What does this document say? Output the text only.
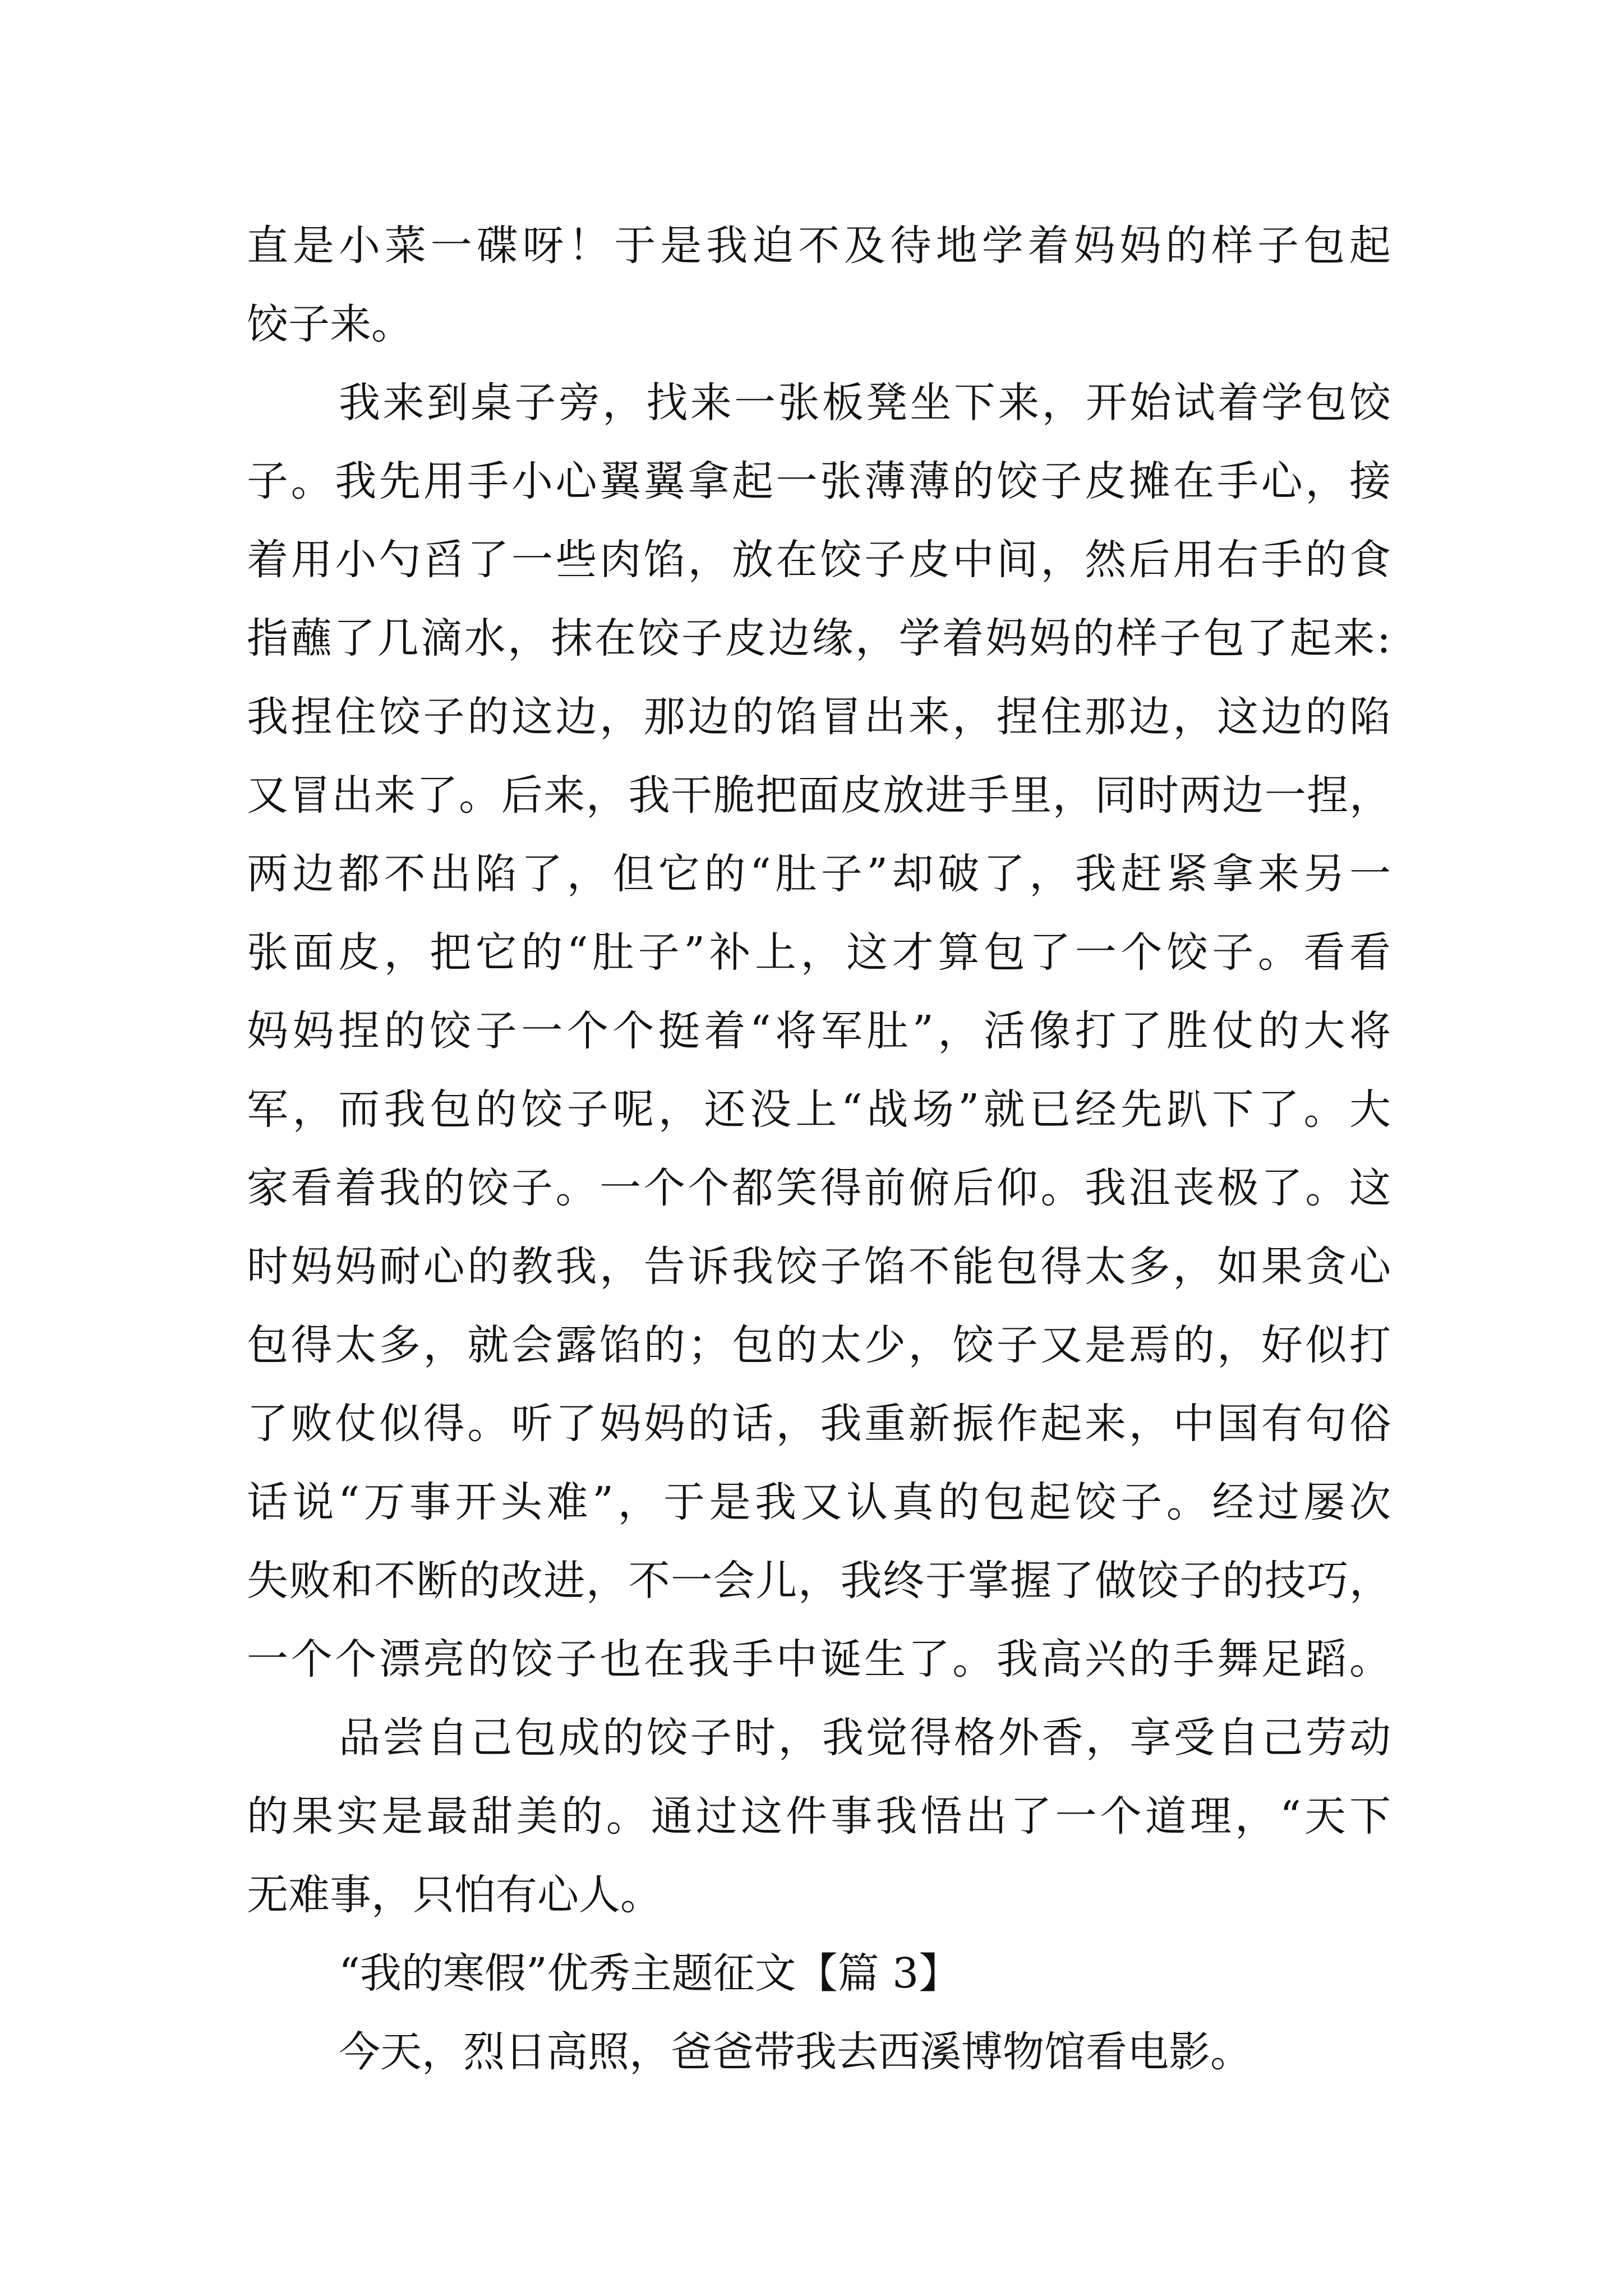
直是小菜一碟呀！于是我迫不及待地学着妈妈的样子包起
饺子来。
我来到桌子旁，找来一张板凳坐下来，开始试着学包饺
子。我先用手小心翼翼拿起一张薄薄的饺子皮摊在手心，接
着用小勺舀了一些肉馅，放在饺子皮中间，然后用右手的食
指蘸了几滴水，抹在饺子皮边缘，学着妈妈的样子包了起来:
我捏住饺子的这边，那边的馅冒出来，捏住那边，这边的陷
又冒出来了。后来，我干脆把面皮放进手里，同时两边一捏，
两边都不出陷了，但它的“肚子”却破了，我赶紧拿来另一
张面皮，把它的“肚子”补上，这才算包了一个饺子。看看
妈妈捏的饺子一个个挺着“将军肚”，活像打了胜仗的大将
军，而我包的饺子呢，还没上“战场”就已经先趴下了。大
家看着我的饺子。一个个都笑得前俯后仰。我沮丧极了。这
时妈妈耐心的教我，告诉我饺子馅不能包得太多，如果贪心
包得太多，就会露馅的；包的太少，饺子又是焉的，好似打
了败仗似得。听了妈妈的话，我重新振作起来，中国有句俗
话说“万事开头难”，于是我又认真的包起饺子。经过屡次
失败和不断的改进，不一会儿，我终于掌握了做饺子的技巧，
一个个漂亮的饺子也在我手中诞生了。我高兴的手舞足蹈。
品尝自己包成的饺子时，我觉得格外香，享受自己劳动
的果实是最甜美的。通过这件事我悟出了一个道理，“天下
无难事，只怕有心人。
“我的寒假”优秀主题征文【篇 3】
今天，烈日高照，爸爸带我去西溪博物馆看电影。
